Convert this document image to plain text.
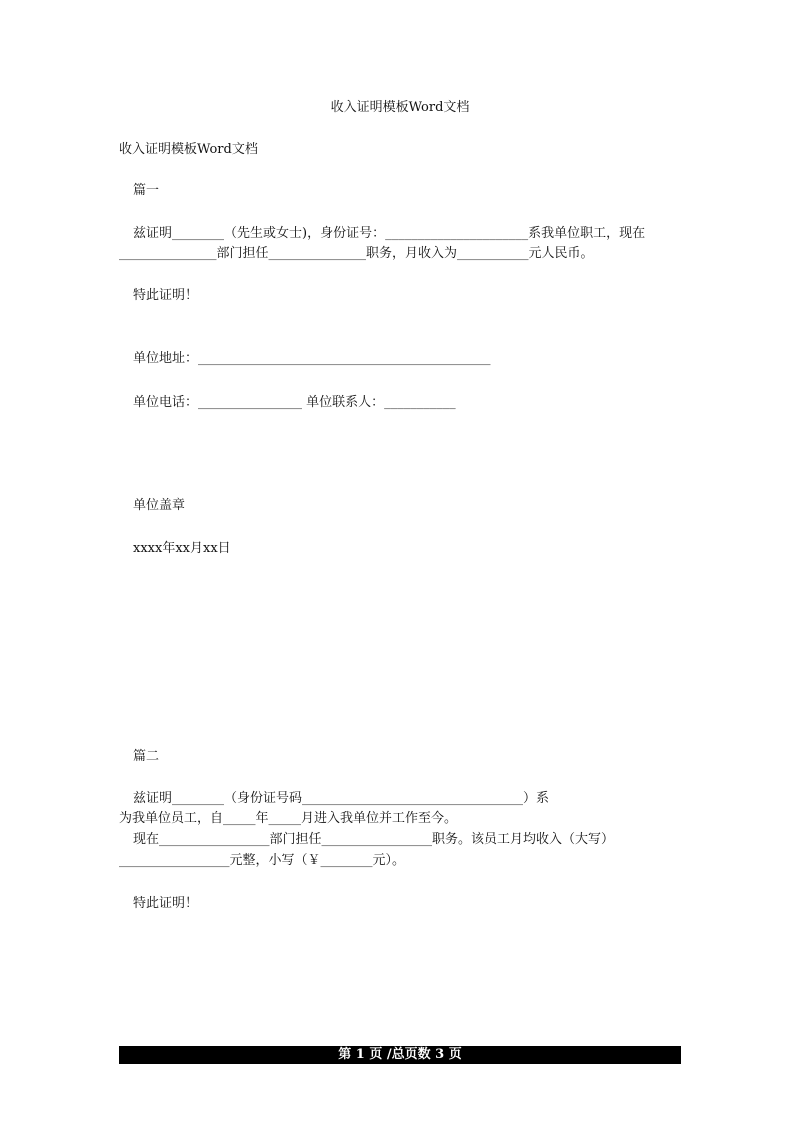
收入证明模板Word文档
收入证明模板Word文档
篇一
兹证明________（先生或女士)，身份证号：______________________系我单位职工，现在
_______________部门担任_______________职务，月收入为___________元人民币。
特此证明！
单位地址：_____________________________________________
单位电话：________________ 单位联系人：___________
单位盖章
xxxx年xx月xx日
篇二
兹证明________（身份证号码__________________________________）系
为我单位员工，自_____年_____月进入我单位并工作至今。
现在_________________部门担任_________________职务。该员工月均收入（大写）
_________________元整，小写（￥________元）。
特此证明！
第 1 页 /总页数 3 页
